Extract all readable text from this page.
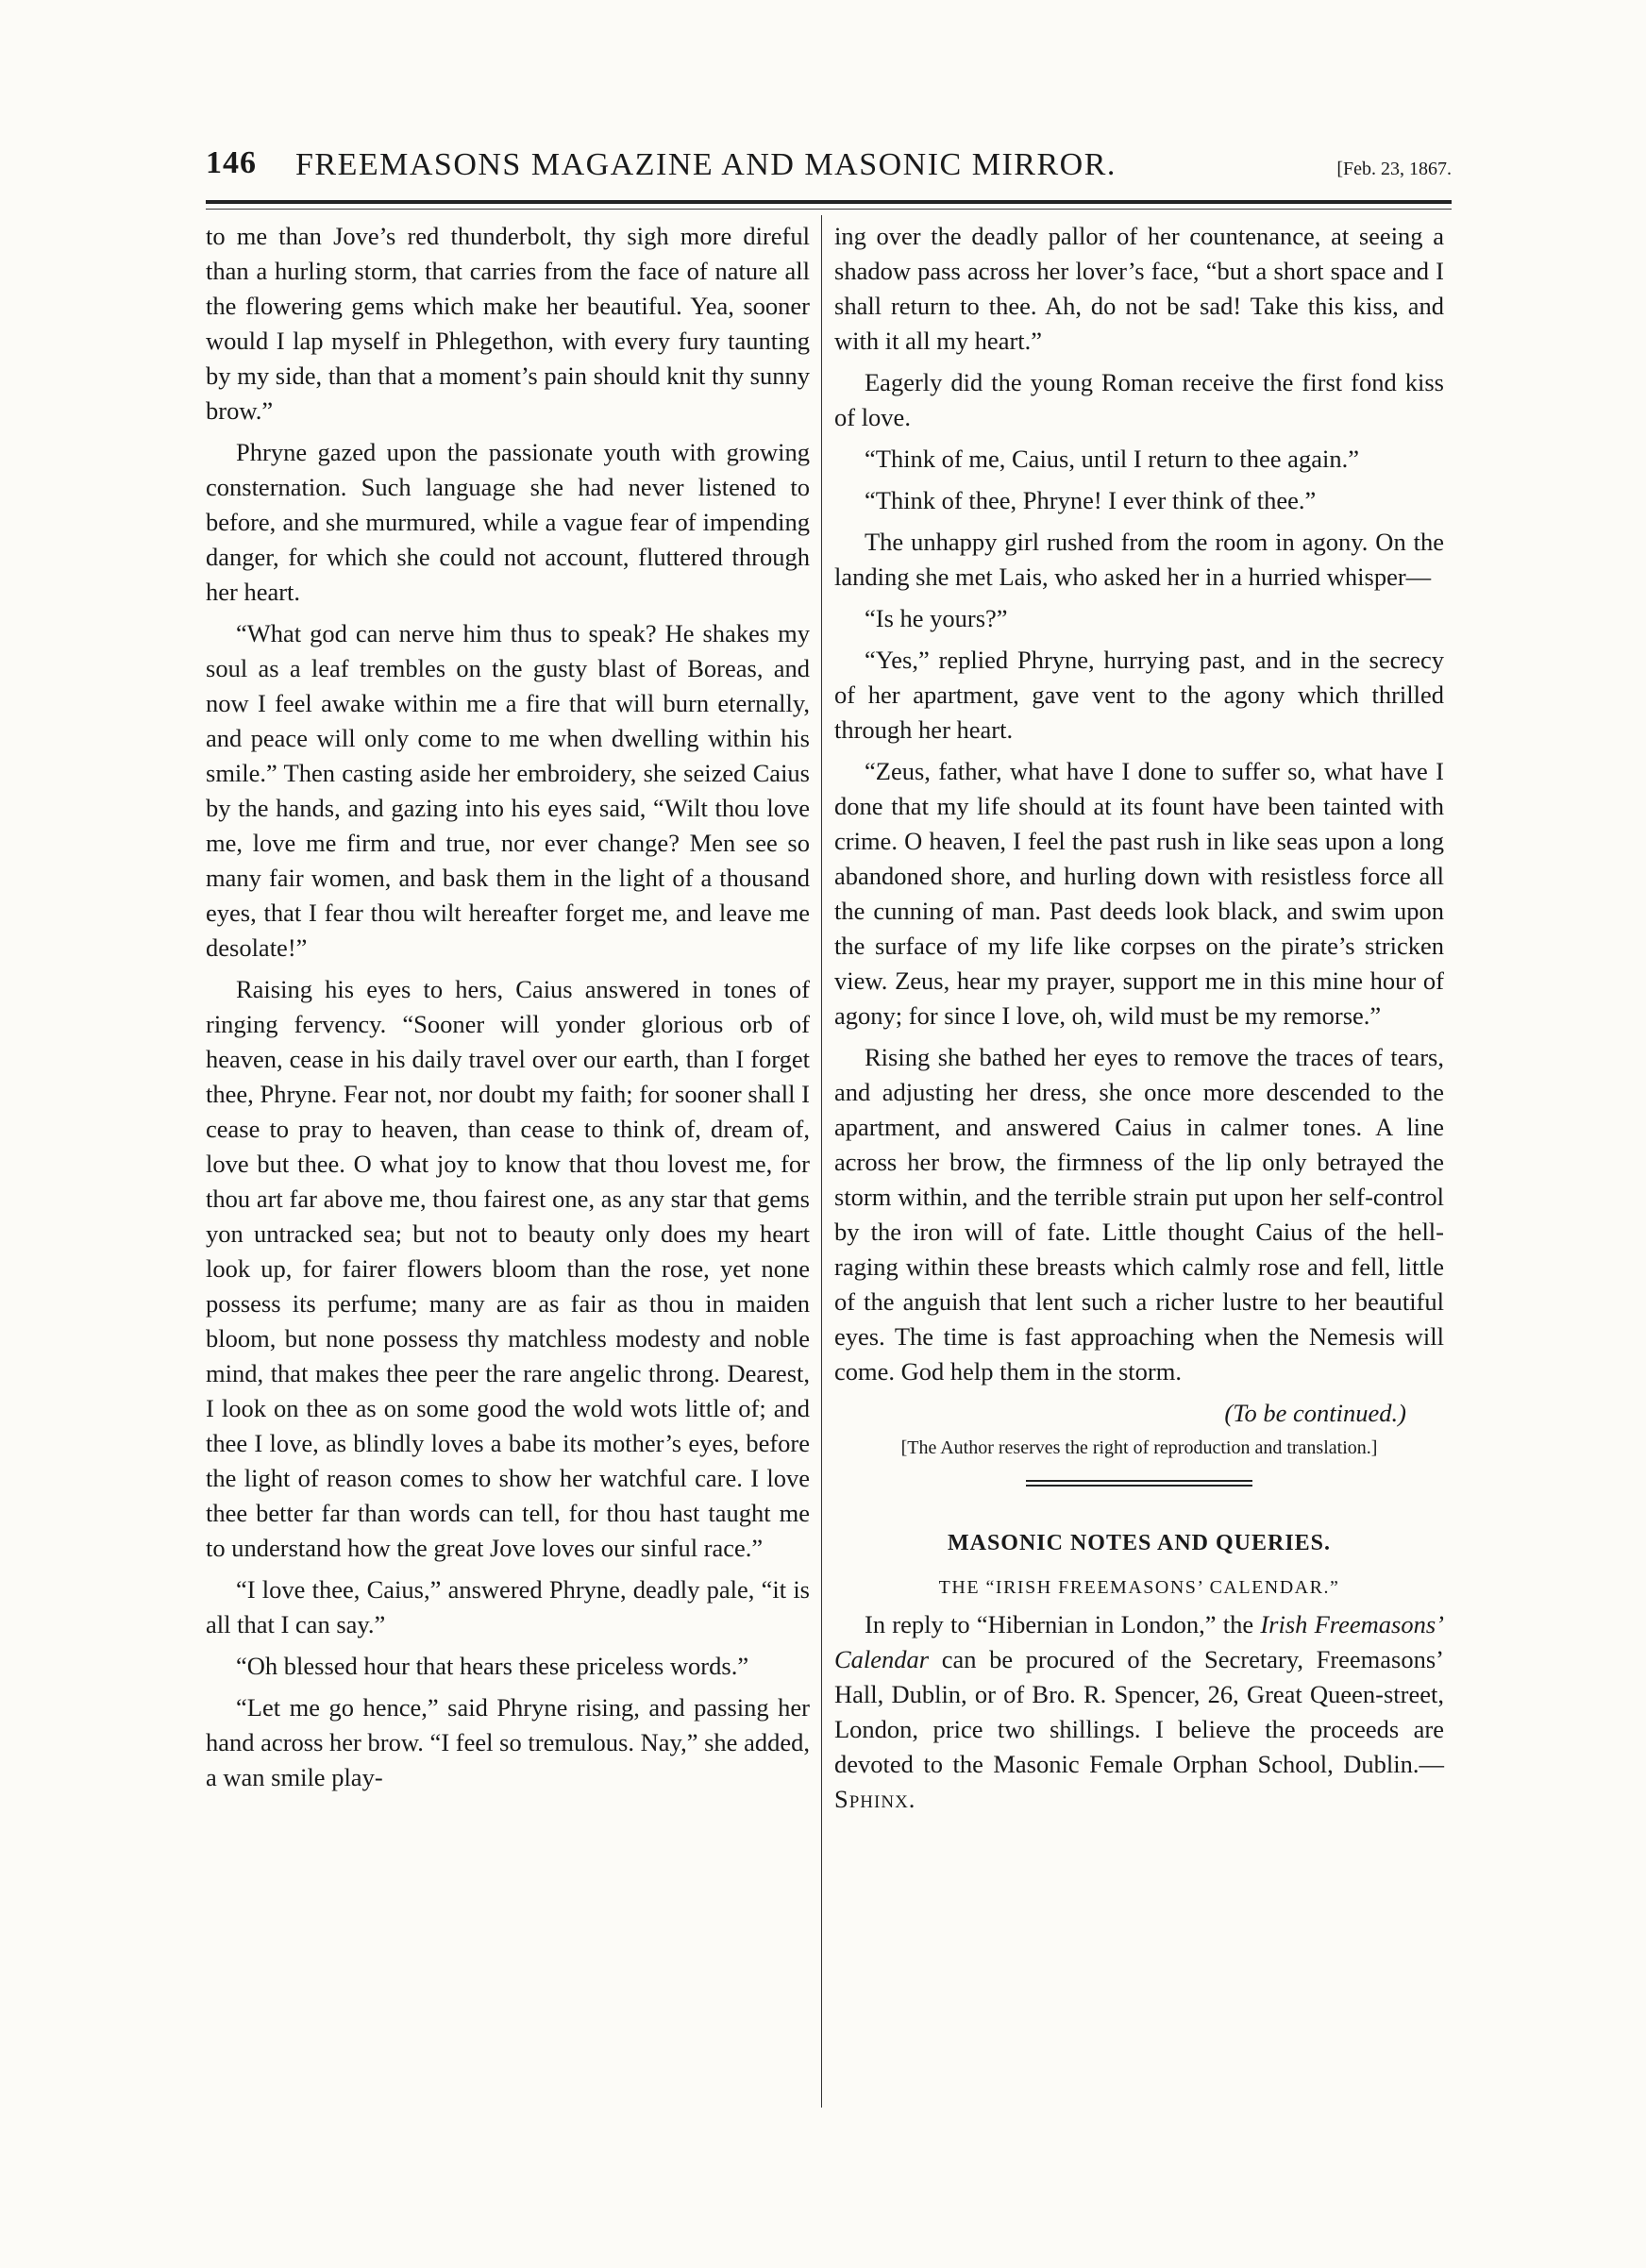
146 FREEMASONS MAGAZINE AND MASONIC MIRROR.	[Feb. 23, 1867.

to me than Jove’s red thunderbolt, thy sigh more direful than a hurling storm, that carries from the face of nature all the flowering gems which make her beautiful. Yea, sooner would I lap myself in Phlegethon, with every fury taunting by my side, than that a moment’s pain should knit thy sunny brow.”

Phryne gazed upon the passionate youth with growing consternation. Such language she had never listened to before, and she murmured, while a vague fear of impending danger, for which she could not account, fluttered through her heart.

“What god can nerve him thus to speak? He shakes my soul as a leaf trembles on the gusty blast of Boreas, and now I feel awake within me a fire that will burn eternally, and peace will only come to me when dwelling within his smile.” Then casting aside her embroidery, she seized Caius by the hands, and gazing into his eyes said, “Wilt thou love me, love me firm and true, nor ever change? Men see so many fair women, and bask them in the light of a thousand eyes, that I fear thou wilt hereafter forget me, and leave me desolate!”

Raising his eyes to hers, Caius answered in tones of ringing fervency. “Sooner will yonder glorious orb of heaven, cease in his daily travel over our earth, than I forget thee, Phryne. Fear not, nor doubt my faith; for sooner shall I cease to pray to heaven, than cease to think of, dream of, love but thee. O what joy to know that thou lovest me, for thou art far above me, thou fairest one, as any star that gems yon untracked sea; but not to beauty only does my heart look up, for fairer flowers bloom than the rose, yet none possess its perfume; many are as fair as thou in maiden bloom, but none possess thy matchless modesty and noble mind, that makes thee peer the rare angelic throng. Dearest, I look on thee as on some good the wold wots little of; and thee I love, as blindly loves a babe its mother’s eyes, before the light of reason comes to show her watchful care. I love thee better far than words can tell, for thou hast taught me to understand how the great Jove loves our sinful race.”

“I love thee, Caius,” answered Phryne, deadly pale, “it is all that I can say.”

“Oh blessed hour that hears these priceless words.”

“Let me go hence,” said Phryne rising, and passing her hand across her brow. “I feel so tremulous. Nay,” she added, a wan smile play-

ing over the deadly pallor of her countenance, at seeing a shadow pass across her lover’s face, “but a short space and I shall return to thee. Ah, do not be sad! Take this kiss, and with it all my heart.”

Eagerly did the young Roman receive the first fond kiss of love.

“Think of me, Caius, until I return to thee again.”

“Think of thee, Phryne! I ever think of thee.”

The unhappy girl rushed from the room in agony. On the landing she met Lais, who asked her in a hurried whisper—

“Is he yours?”

“Yes,” replied Phryne, hurrying past, and in the secrecy of her apartment, gave vent to the agony which thrilled through her heart.

“Zeus, father, what have I done to suffer so, what have I done that my life should at its fount have been tainted with crime. O heaven, I feel the past rush in like seas upon a long abandoned shore, and hurling down with resistless force all the cunning of man. Past deeds look black, and swim upon the surface of my life like corpses on the pirate’s stricken view. Zeus, hear my prayer, support me in this mine hour of agony; for since I love, oh, wild must be my remorse.”

Rising she bathed her eyes to remove the traces of tears, and adjusting her dress, she once more descended to the apartment, and answered Caius in calmer tones. A line across her brow, the firmness of the lip only betrayed the storm within, and the terrible strain put upon her self-control by the iron will of fate. Little thought Caius of the hell-raging within these breasts which calmly rose and fell, little of the anguish that lent such a richer lustre to her beautiful eyes. The time is fast approaching when the Nemesis will come. God help them in the storm.

(To be continued.)
[The Author reserves the right of reproduction and translation.]
MASONIC NOTES AND QUERIES.
THE “IRISH FREEMASONS’ CALENDAR.”

In reply to “Hibernian in London,” the Irish Freemasons’ Calendar can be procured of the Secretary, Freemasons’ Hall, Dublin, or of Bro. R. Spencer, 26, Great Queen-street, London, price two shillings. I believe the proceeds are devoted to the Masonic Female Orphan School, Dublin.—Sphinx.
